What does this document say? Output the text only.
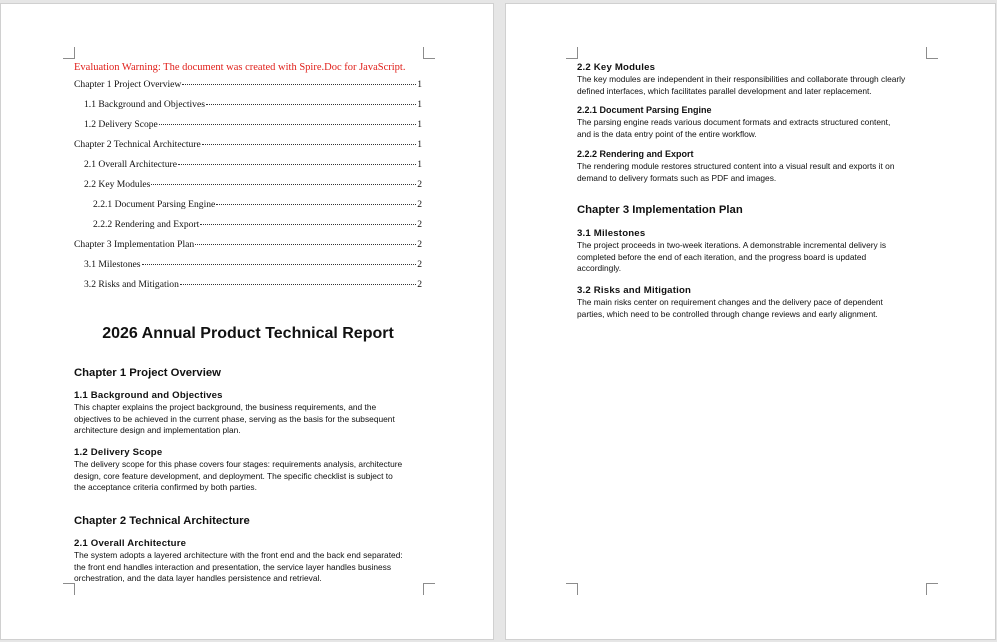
Evaluation Warning: The document was created with Spire.Doc for JavaScript.
Chapter 1 Project Overview	1
1.1 Background and Objectives	1
1.2 Delivery Scope	1
Chapter 2 Technical Architecture	1
2.1 Overall Architecture	1
2.2 Key Modules	2
2.2.1 Document Parsing Engine	2
2.2.2 Rendering and Export	2
Chapter 3 Implementation Plan	2
3.1 Milestones	2
3.2 Risks and Mitigation	2
2026 Annual Product Technical Report
Chapter 1 Project Overview
1.1 Background and Objectives
This chapter explains the project background, the business requirements, and the
objectives to be achieved in the current phase, serving as the basis for the subsequent
architecture design and implementation plan.
1.2 Delivery Scope
The delivery scope for this phase covers four stages: requirements analysis, architecture
design, core feature development, and deployment. The specific checklist is subject to
the acceptance criteria confirmed by both parties.
Chapter 2 Technical Architecture
2.1 Overall Architecture
The system adopts a layered architecture with the front end and the back end separated:
the front end handles interaction and presentation, the service layer handles business
orchestration, and the data layer handles persistence and retrieval.
2.2 Key Modules
The key modules are independent in their responsibilities and collaborate through clearly
defined interfaces, which facilitates parallel development and later replacement.
2.2.1 Document Parsing Engine
The parsing engine reads various document formats and extracts structured content,
and is the data entry point of the entire workflow.
2.2.2 Rendering and Export
The rendering module restores structured content into a visual result and exports it on
demand to delivery formats such as PDF and images.
Chapter 3 Implementation Plan
3.1 Milestones
The project proceeds in two-week iterations. A demonstrable incremental delivery is
completed before the end of each iteration, and the progress board is updated
accordingly.
3.2 Risks and Mitigation
The main risks center on requirement changes and the delivery pace of dependent
parties, which need to be controlled through change reviews and early alignment.
